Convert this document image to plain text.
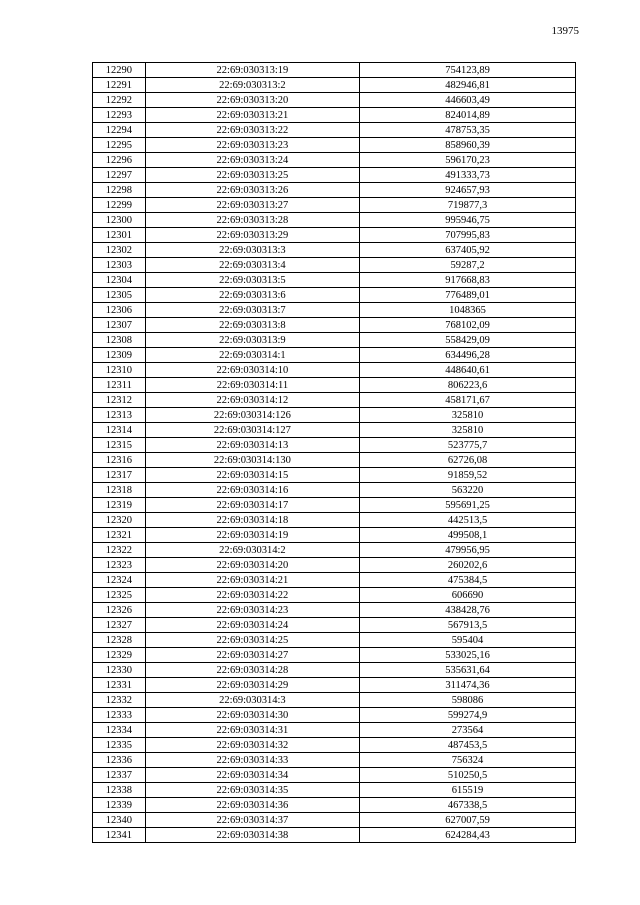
13975
12290	22:69:030313:19	754123,89
12291	22:69:030313:2	482946,81
12292	22:69:030313:20	446603,49
12293	22:69:030313:21	824014,89
12294	22:69:030313:22	478753,35
12295	22:69:030313:23	858960,39
12296	22:69:030313:24	596170,23
12297	22:69:030313:25	491333,73
12298	22:69:030313:26	924657,93
12299	22:69:030313:27	719877,3
12300	22:69:030313:28	995946,75
12301	22:69:030313:29	707995,83
12302	22:69:030313:3	637405,92
12303	22:69:030313:4	59287,2
12304	22:69:030313:5	917668,83
12305	22:69:030313:6	776489,01
12306	22:69:030313:7	1048365
12307	22:69:030313:8	768102,09
12308	22:69:030313:9	558429,09
12309	22:69:030314:1	634496,28
12310	22:69:030314:10	448640,61
12311	22:69:030314:11	806223,6
12312	22:69:030314:12	458171,67
12313	22:69:030314:126	325810
12314	22:69:030314:127	325810
12315	22:69:030314:13	523775,7
12316	22:69:030314:130	62726,08
12317	22:69:030314:15	91859,52
12318	22:69:030314:16	563220
12319	22:69:030314:17	595691,25
12320	22:69:030314:18	442513,5
12321	22:69:030314:19	499508,1
12322	22:69:030314:2	479956,95
12323	22:69:030314:20	260202,6
12324	22:69:030314:21	475384,5
12325	22:69:030314:22	606690
12326	22:69:030314:23	438428,76
12327	22:69:030314:24	567913,5
12328	22:69:030314:25	595404
12329	22:69:030314:27	533025,16
12330	22:69:030314:28	535631,64
12331	22:69:030314:29	311474,36
12332	22:69:030314:3	598086
12333	22:69:030314:30	599274,9
12334	22:69:030314:31	273564
12335	22:69:030314:32	487453,5
12336	22:69:030314:33	756324
12337	22:69:030314:34	510250,5
12338	22:69:030314:35	615519
12339	22:69:030314:36	467338,5
12340	22:69:030314:37	627007,59
12341	22:69:030314:38	624284,43
